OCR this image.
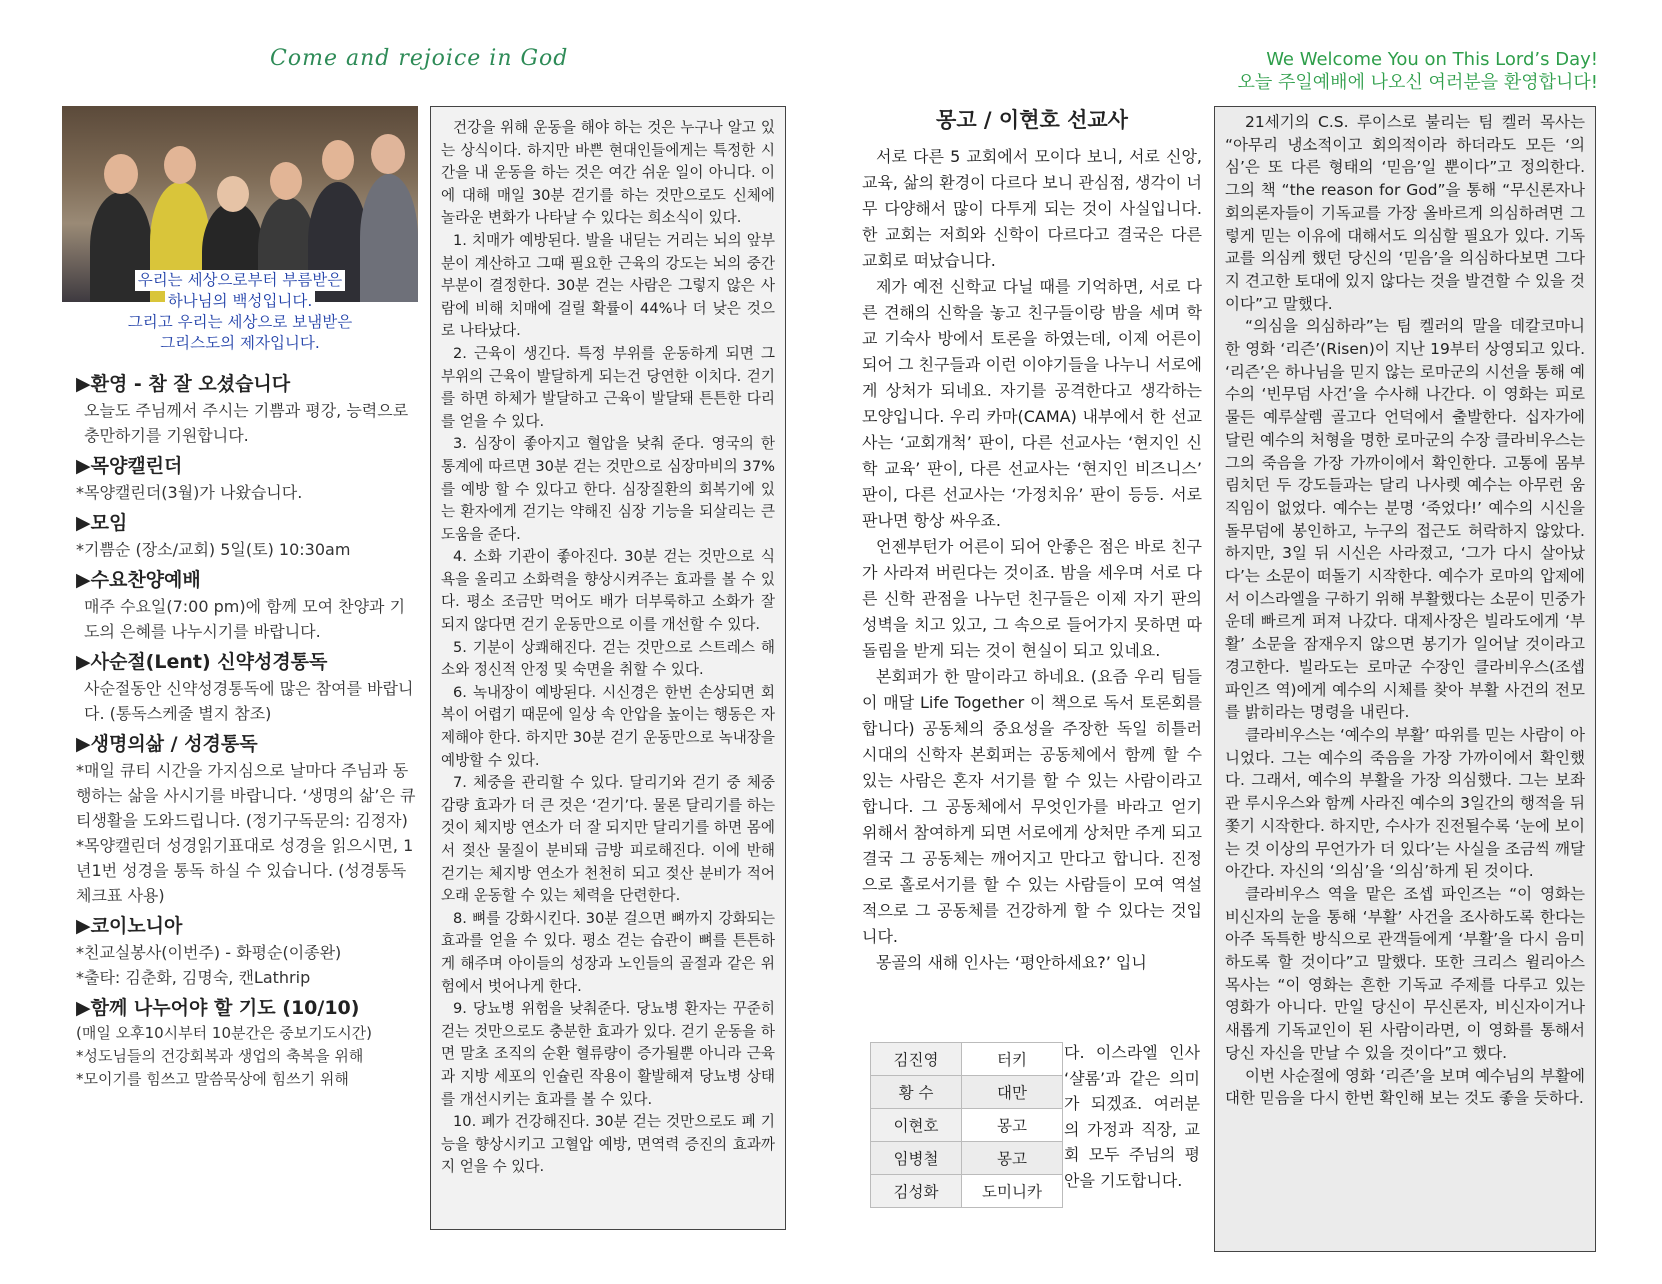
Come and rejoice in God	We Welcome You on This Lord’s Day!
오늘 주일예배에 나오신 여러분을 환영합니다!
우리는 세상으로부터 부름받은
하나님의 백성입니다.
그리고 우리는 세상으로 보냄받은
그리스도의 제자입니다.
▶환영 - 참 잘 오셨습니다
오늘도 주님께서 주시는 기쁨과 평강, 능력으로 충만하기를 기원합니다.
▶목양캘린더
*목양캘린더(3월)가 나왔습니다.
▶모임
*기쁨순 (장소/교회) 5일(토) 10:30am
▶수요찬양예배
매주 수요일(7:00 pm)에 함께 모여 찬양과 기도의 은혜를 나누시기를 바랍니다.
▶사순절(Lent) 신약성경통독
사순절동안 신약성경통독에 많은 참여를 바랍니다. (통독스케줄 별지 참조)
▶생명의삶 / 성경통독
*매일 큐티 시간을 가지심으로 날마다 주님과 동행하는 삶을 사시기를 바랍니다. ‘생명의 삶’은 큐티생활을 도와드립니다. (정기구독문의: 김정자)
*목양캘린더 성경읽기표대로 성경을 읽으시면, 1년1번 성경을 통독 하실 수 있습니다. (성경통독 체크표 사용)
▶코이노니아
*친교실봉사(이번주) - 화평순(이종완)
*출타: 김춘화, 김명숙, 캔Lathrip
▶함께 나누어야 할 기도 (10/10)
(매일 오후10시부터 10분간은 중보기도시간)
*성도님들의 건강회복과 생업의 축복을 위해
*모이기를 힘쓰고 말씀묵상에 힘쓰기 위해

건강을 위해 운동을 해야 하는 것은 누구나 알고 있는 상식이다. 하지만 바쁜 현대인들에게는 특정한 시간을 내 운동을 하는 것은 여간 쉬운 일이 아니다. 이에 대해 매일 30분 걷기를 하는 것만으로도 신체에 놀라운 변화가 나타날 수 있다는 희소식이 있다.

1. 치매가 예방된다. 발을 내딛는 거리는 뇌의 앞부분이 계산하고 그때 필요한 근육의 강도는 뇌의 중간 부분이 결정한다. 30분 걷는 사람은 그렇지 않은 사람에 비해 치매에 걸릴 확률이 44%나 더 낮은 것으로 나타났다.

2. 근육이 생긴다. 특정 부위를 운동하게 되면 그 부위의 근육이 발달하게 되는건 당연한 이치다. 걷기를 하면 하체가 발달하고 근육이 발달돼 튼튼한 다리를 얻을 수 있다.

3. 심장이 좋아지고 혈압을 낮춰 준다. 영국의 한 통계에 따르면 30분 걷는 것만으로 심장마비의 37%를 예방 할 수 있다고 한다. 심장질환의 회복기에 있는 환자에게 걷기는 약해진 심장 기능을 되살리는 큰 도움을 준다.

4. 소화 기관이 좋아진다. 30분 걷는 것만으로 식욕을 올리고 소화력을 향상시켜주는 효과를 볼 수 있다. 평소 조금만 먹어도 배가 더부룩하고 소화가 잘 되지 않다면 걷기 운동만으로 이를 개선할 수 있다.

5. 기분이 상쾌해진다. 걷는 것만으로 스트레스 해소와 정신적 안정 및 숙면을 취할 수 있다.

6. 녹내장이 예방된다. 시신경은 한번 손상되면 회복이 어렵기 때문에 일상 속 안압을 높이는 행동은 자제해야 한다. 하지만 30분 걷기 운동만으로 녹내장을 예방할 수 있다.

7. 체중을 관리할 수 있다. 달리기와 걷기 중 체중감량 효과가 더 큰 것은 ‘걷기’다. 물론 달리기를 하는 것이 체지방 연소가 더 잘 되지만 달리기를 하면 몸에서 젖산 물질이 분비돼 금방 피로해진다. 이에 반해 걷기는 체지방 연소가 천천히 되고 젖산 분비가 적어 오래 운동할 수 있는 체력을 단련한다.

8. 뼈를 강화시킨다. 30분 걸으면 뼈까지 강화되는 효과를 얻을 수 있다. 평소 걷는 습관이 뼈를 튼튼하게 해주며 아이들의 성장과 노인들의 골절과 같은 위험에서 벗어나게 한다.

9. 당뇨병 위험을 낮춰준다. 당뇨병 환자는 꾸준히 걷는 것만으로도 충분한 효과가 있다. 걷기 운동을 하면 말초 조직의 순환 혈류량이 증가될뿐 아니라 근육과 지방 세포의 인슐린 작용이 활발해져 당뇨병 상태를 개선시키는 효과를 볼 수 있다.

10. 폐가 건강해진다. 30분 걷는 것만으로도 폐 기능을 향상시키고 고혈압 예방, 면역력 증진의 효과까지 얻을 수 있다.

몽고 / 이현호 선교사

서로 다른 5 교회에서 모이다 보니, 서로 신앙, 교육, 삶의 환경이 다르다 보니 관심점, 생각이 너무 다양해서 많이 다투게 되는 것이 사실입니다. 한 교회는 저희와 신학이 다르다고 결국은 다른 교회로 떠났습니다.

제가 예전 신학교 다닐 때를 기억하면, 서로 다른 견해의 신학을 놓고 친구들이랑 밤을 세며 학교 기숙사 방에서 토론을 하였는데, 이제 어른이 되어 그 친구들과 이런 이야기들을 나누니 서로에게 상처가 되네요. 자기를 공격한다고 생각하는 모양입니다. 우리 카마(CAMA) 내부에서 한 선교사는 ‘교회개척’ 판이, 다른 선교사는 ‘현지인 신학 교육’ 판이, 다른 선교사는 ‘현지인 비즈니스’ 판이, 다른 선교사는 ‘가정치유’ 판이 등등. 서로 판나면 항상 싸우죠.

언젠부턴가 어른이 되어 안좋은 점은 바로 친구가 사라져 버린다는 것이죠. 밤을 세우며 서로 다른 신학 관점을 나누던 친구들은 이제 자기 판의 성벽을 치고 있고, 그 속으로 들어가지 못하면 따돌림을 받게 되는 것이 현실이 되고 있네요.

본회퍼가 한 말이라고 하네요. (요즘 우리 팀들이 매달 Life Together 이 책으로 독서 토론회를 합니다) 공동체의 중요성을 주장한 독일 히틀러 시대의 신학자 본회퍼는 공동체에서 함께 할 수 있는 사람은 혼자 서기를 할 수 있는 사람이라고 합니다. 그 공동체에서 무엇인가를 바라고 얻기 위해서 참여하게 되면 서로에게 상처만 주게 되고 결국 그 공동체는 깨어지고 만다고 합니다. 진정으로 홀로서기를 할 수 있는 사람들이 모여 역설적으로 그 공동체를 건강하게 할 수 있다는 것입니다.

몽골의 새해 인사는 ‘평안하세요?’ 입니

김진영	터키
황 수	대만
이현호	몽고
임병철	몽고
김성화	도미니카
다. 이스라엘 인사 ‘샬롬’과 같은 의미가 되겠죠. 여러분의 가정과 직장, 교회 모두 주님의 평안을 기도합니다.

21세기의 C.S. 루이스로 불리는 팀 켈러 목사는 “아무리 냉소적이고 회의적이라 하더라도 모든 ‘의심’은 또 다른 형태의 ‘믿음’일 뿐이다”고 정의한다. 그의 책 “the reason for God”을 통해 “무신론자나 회의론자들이 기독교를 가장 올바르게 의심하려면 그렇게 믿는 이유에 대해서도 의심할 필요가 있다. 기독교를 의심케 했던 당신의 ‘믿음’을 의심하다보면 그다지 견고한 토대에 있지 않다는 것을 발견할 수 있을 것이다”고 말했다.

“의심을 의심하라”는 팀 켈러의 말을 데칼코마니한 영화 ‘리즌’(Risen)이 지난 19부터 상영되고 있다. ‘리즌’은 하나님을 믿지 않는 로마군의 시선을 통해 예수의 ‘빈무덤 사건’을 수사해 나간다. 이 영화는 피로 물든 예루살렘 골고다 언덕에서 출발한다. 십자가에 달린 예수의 처형을 명한 로마군의 수장 클라비우스는 그의 죽음을 가장 가까이에서 확인한다. 고통에 몸부림치던 두 강도들과는 달리 나사렛 예수는 아무런 움직임이 없었다. 예수는 분명 ‘죽었다!’ 예수의 시신을 돌무덤에 봉인하고, 누구의 접근도 허락하지 않았다. 하지만, 3일 뒤 시신은 사라졌고, ‘그가 다시 살아났다’는 소문이 떠돌기 시작한다. 예수가 로마의 압제에서 이스라엘을 구하기 위해 부활했다는 소문이 민중가운데 빠르게 퍼져 나갔다. 대제사장은 빌라도에게 ‘부활’ 소문을 잠재우지 않으면 봉기가 일어날 것이라고 경고한다. 빌라도는 로마군 수장인 클라비우스(조셉 파인즈 역)에게 예수의 시체를 찾아 부활 사건의 전모를 밝히라는 명령을 내린다.

클라비우스는 ‘예수의 부활’ 따위를 믿는 사람이 아니었다. 그는 예수의 죽음을 가장 가까이에서 확인했다. 그래서, 예수의 부활을 가장 의심했다. 그는 보좌관 루시우스와 함께 사라진 예수의 3일간의 행적을 뒤쫓기 시작한다. 하지만, 수사가 진전될수록 ‘눈에 보이는 것 이상의 무언가가 더 있다’는 사실을 조금씩 깨달아간다. 자신의 ‘의심’을 ‘의심’하게 된 것이다.

클라비우스 역을 맡은 조셉 파인즈는 “이 영화는 비신자의 눈을 통해 ‘부활’ 사건을 조사하도록 한다는 아주 독특한 방식으로 관객들에게 ‘부활’을 다시 음미하도록 할 것이다”고 말했다. 또한 크리스 윌리아스 목사는 “이 영화는 흔한 기독교 주제를 다루고 있는 영화가 아니다. 만일 당신이 무신론자, 비신자이거나 새롭게 기독교인이 된 사람이라면, 이 영화를 통해서 당신 자신을 만날 수 있을 것이다”고 했다.

이번 사순절에 영화 ‘리즌’을 보며 예수님의 부활에 대한 믿음을 다시 한번 확인해 보는 것도 좋을 듯하다.
